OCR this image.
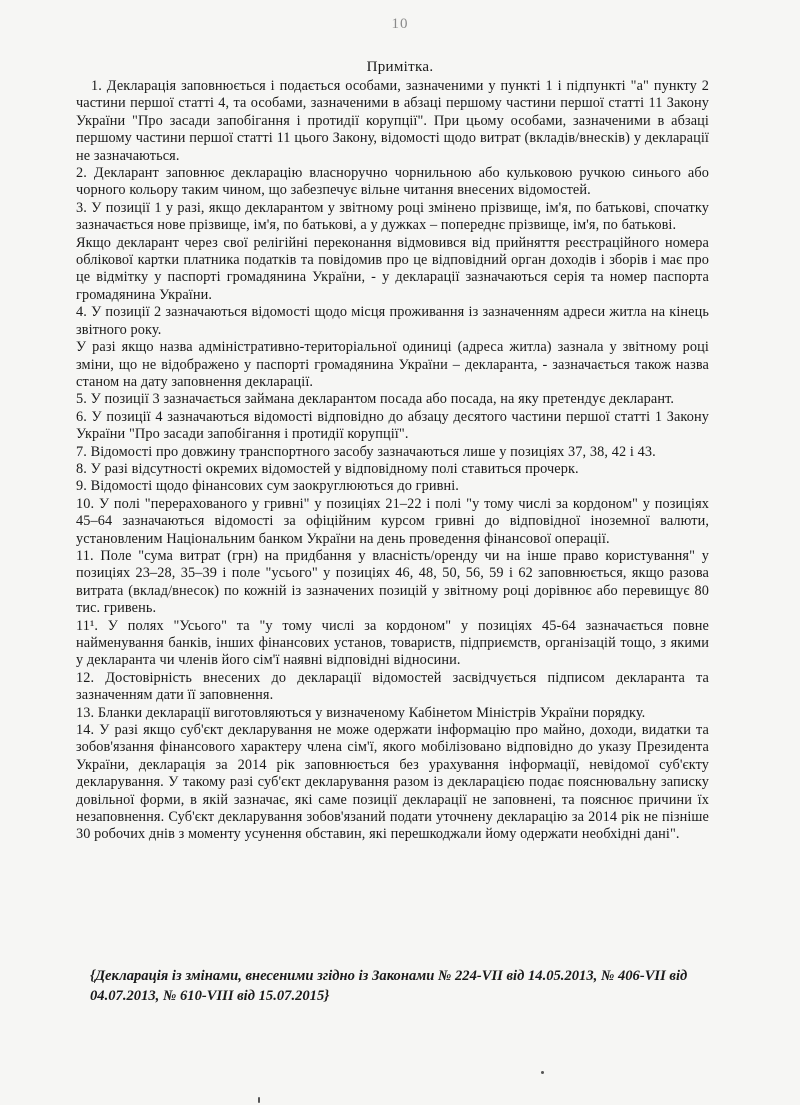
10
Примітка.

1. Декларація заповнюється і подається особами, зазначеними у пункті 1 і підпункті "а" пункту 2 частини першої статті 4, та особами, зазначеними в абзаці першому частини першої статті 11 Закону України "Про засади запобігання і протидії корупції". При цьому особами, зазначеними в абзаці першому частини першої статті 11 цього Закону, відомості щодо витрат (вкладів/внесків) у декларації не зазначаються.

2. Декларант заповнює декларацію власноручно чорнильною або кульковою ручкою синього або чорного кольору таким чином, що забезпечує вільне читання внесених відомостей.

3. У позиції 1 у разі, якщо декларантом у звітному році змінено прізвище, ім'я, по батькові, спочатку зазначається нове прізвище, ім'я, по батькові, а у дужках – попереднє прізвище, ім'я, по батькові.

Якщо декларант через свої релігійні переконання відмовився від прийняття реєстраційного номера облікової картки платника податків та повідомив про це відповідний орган доходів і зборів і має про це відмітку у паспорті громадянина України, - у декларації зазначаються серія та номер паспорта громадянина України.

4. У позиції 2 зазначаються відомості щодо місця проживання із зазначенням адреси житла на кінець звітного року.

У разі якщо назва адміністративно-територіальної одиниці (адреса житла) зазнала у звітному році зміни, що не відображено у паспорті громадянина України – декларанта, - зазначається також назва станом на дату заповнення декларації.

5. У позиції 3 зазначається займана декларантом посада або посада, на яку претендує декларант.

6. У позиції 4 зазначаються відомості відповідно до абзацу десятого частини першої статті 1 Закону України "Про засади запобігання і протидії корупції".

7. Відомості про довжину транспортного засобу зазначаються лише у позиціях 37, 38, 42 і 43.

8. У разі відсутності окремих відомостей у відповідному полі ставиться прочерк.

9. Відомості щодо фінансових сум заокруглюються до гривні.

10. У полі "перерахованого у гривні" у позиціях 21–22 і полі "у тому числі за кордоном" у позиціях 45–64 зазначаються відомості за офіційним курсом гривні до відповідної іноземної валюти, установленим Національним банком України на день проведення фінансової операції.

11. Поле "сума витрат (грн) на придбання у власність/оренду чи на інше право користування" у позиціях 23–28, 35–39 і поле "усього" у позиціях 46, 48, 50, 56, 59 і 62 заповнюється, якщо разова витрата (вклад/внесок) по кожній із зазначених позицій у звітному році дорівнює або перевищує 80 тис. гривень.

11¹. У полях "Усього" та "у тому числі за кордоном" у позиціях 45-64 зазначається повне найменування банків, інших фінансових установ, товариств, підприємств, організацій тощо, з якими у декларанта чи членів його сім'ї наявні відповідні відносини.

12. Достовірність внесених до декларації відомостей засвідчується підписом декларанта та зазначенням дати її заповнення.

13. Бланки декларації виготовляються у визначеному Кабінетом Міністрів України порядку.

14. У разі якщо суб'єкт декларування не може одержати інформацію про майно, доходи, видатки та зобов'язання фінансового характеру члена сім'ї, якого мобілізовано відповідно до указу Президента України, декларація за 2014 рік заповнюється без урахування інформації, невідомої суб'єкту декларування. У такому разі суб'єкт декларування разом із декларацією подає пояснювальну записку довільної форми, в якій зазначає, які саме позиції декларації не заповнені, та пояснює причини їх незаповнення. Суб'єкт декларування зобов'язаний подати уточнену декларацію за 2014 рік не пізніше 30 робочих днів з моменту усунення обставин, які перешкоджали йому одержати необхідні дані".

{Декларація із змінами, внесеними згідно із Законами № 224-VII від 14.05.2013, № 406-VII від 04.07.2013, № 610-VIII від 15.07.2015}
